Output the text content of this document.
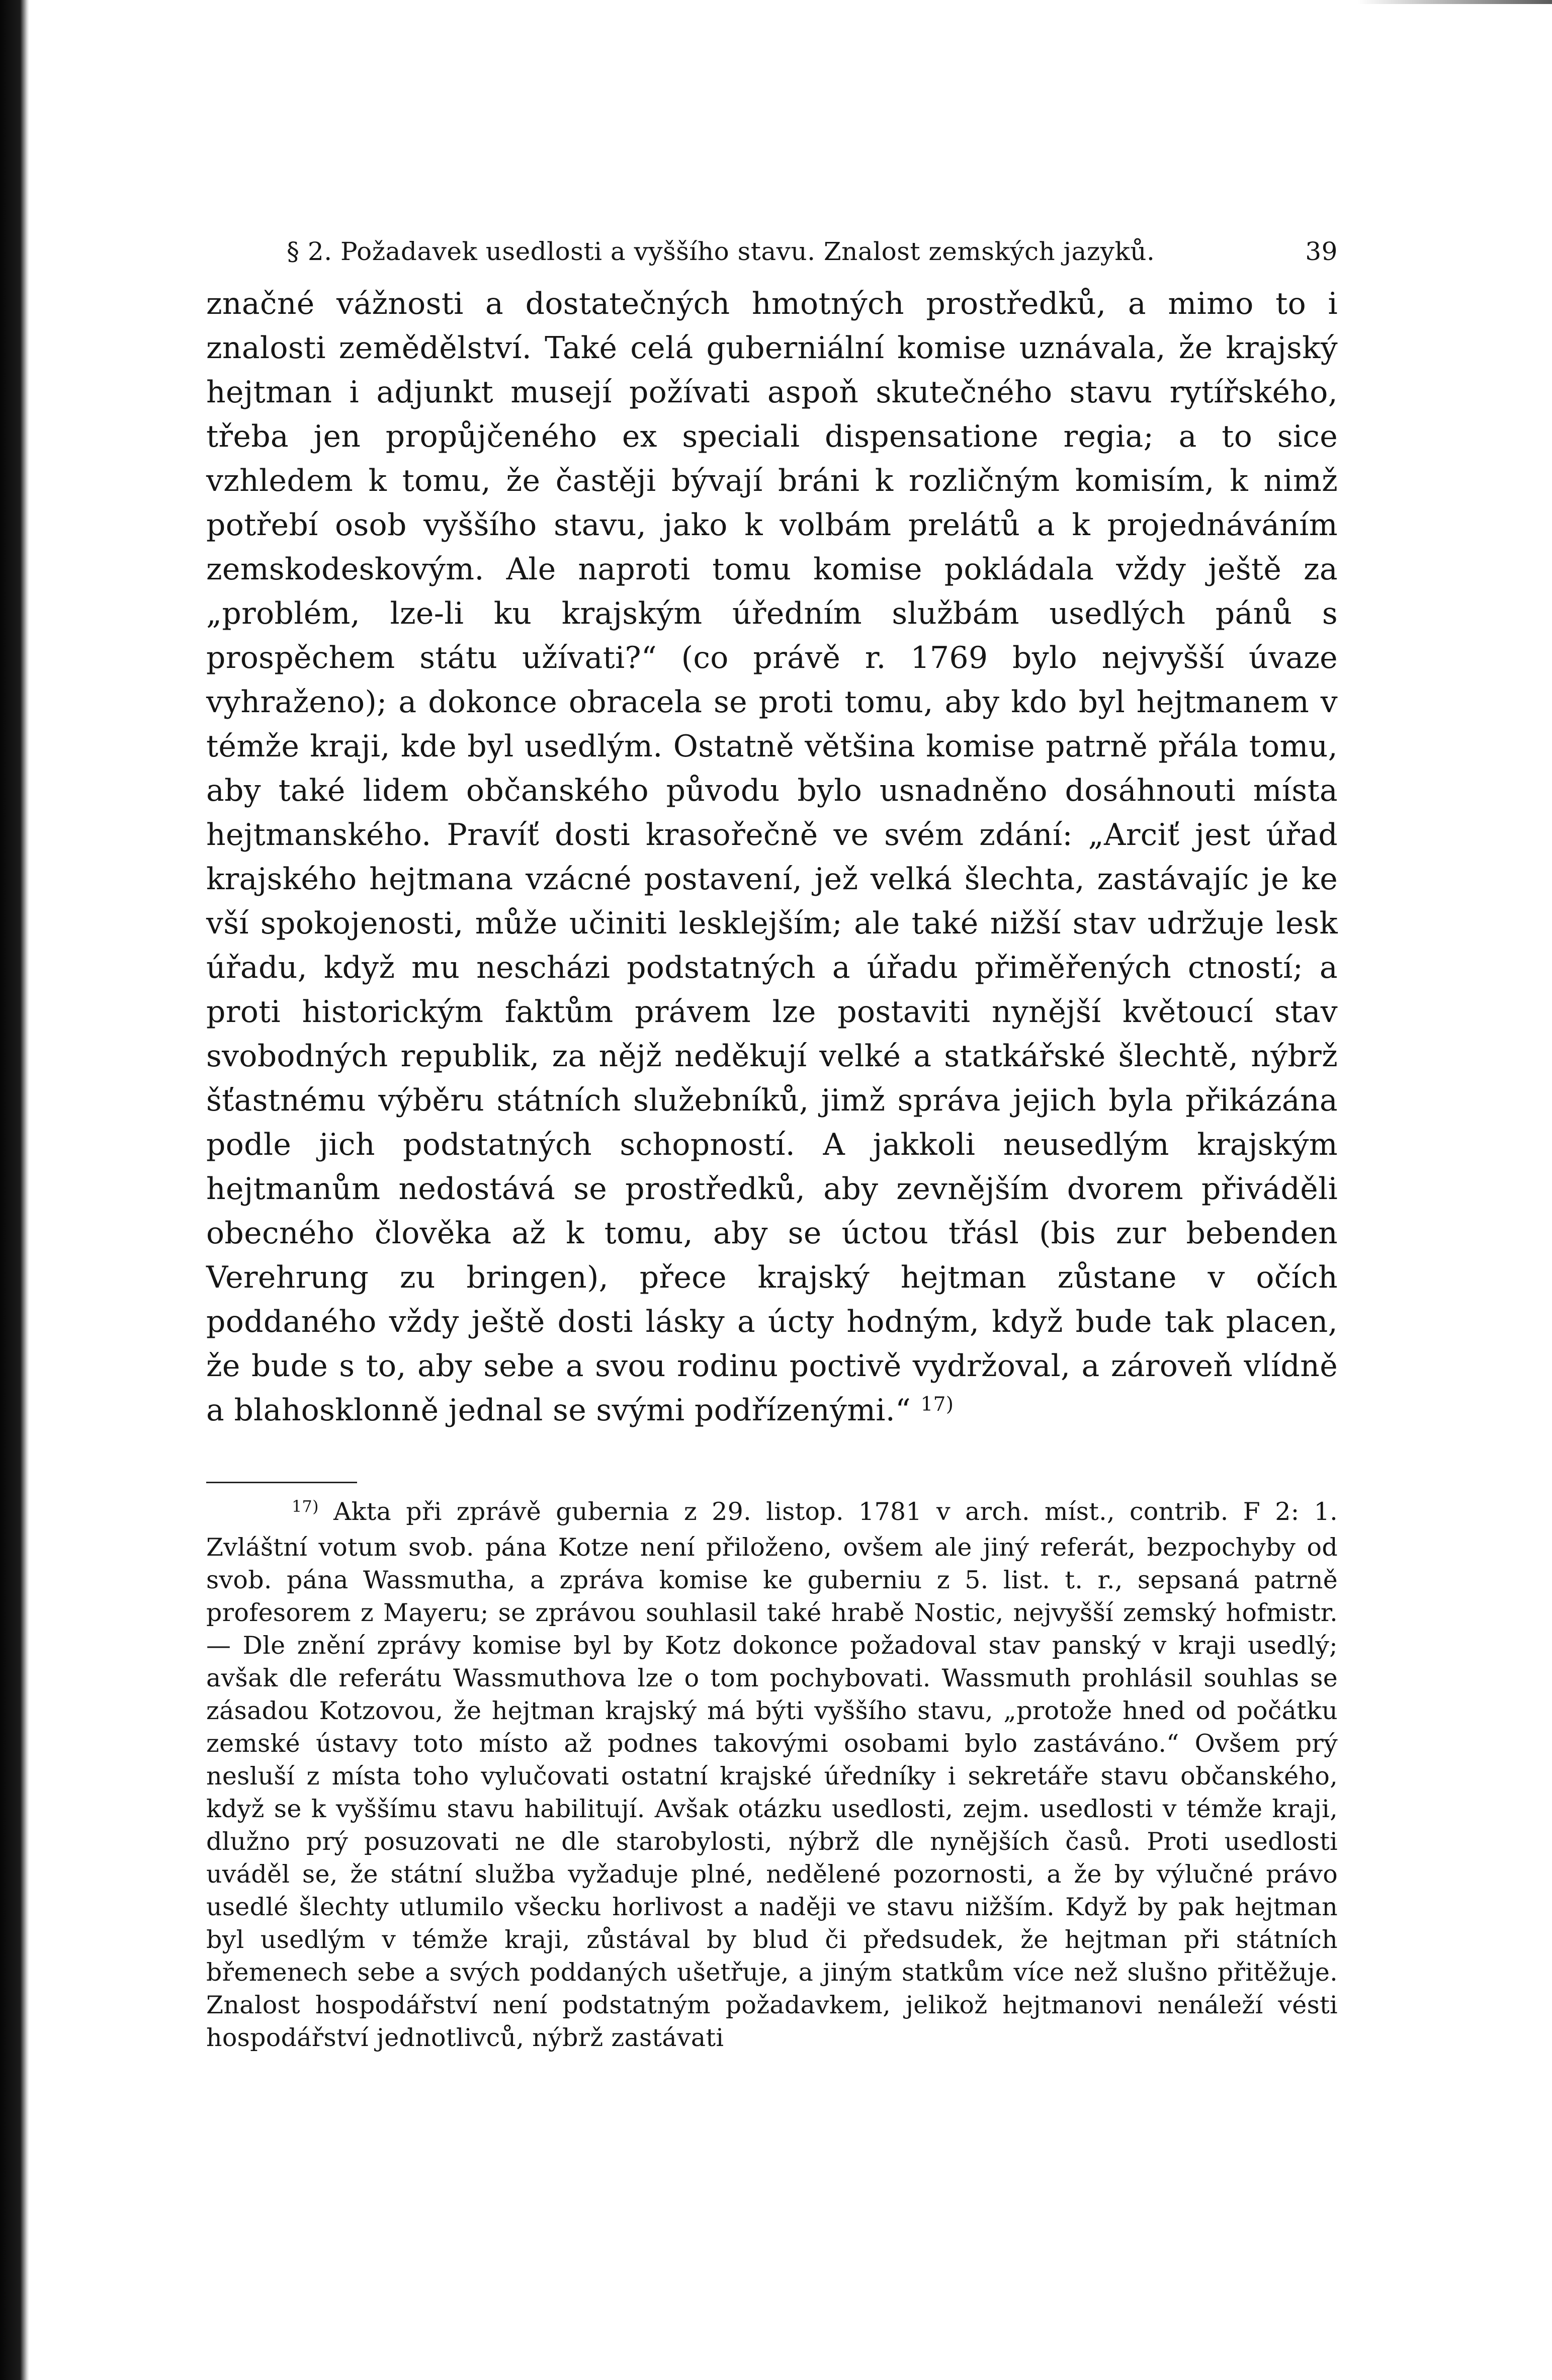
§ 2. Požadavek usedlosti a vyššího stavu. Znalost zemských jazyků.	39

značné vážnosti a dostatečných hmotných prostředků, a mimo to i znalosti zemědělství. Také celá guberniální komise uznávala, že krajský hejtman i adjunkt musejí požívati aspoň skutečného stavu rytířského, třeba jen propůjčeného ex speciali dispensatione regia; a to sice vzhledem k tomu, že častěji bývají bráni k rozličným komisím, k nimž potřebí osob vyššího stavu, jako k volbám prelátů a k projednáváním zemskodeskovým. Ale naproti tomu komise pokládala vždy ještě za „problém, lze-li ku krajským úředním službám usedlých pánů s prospěchem státu užívati?“ (co právě r. 1769 bylo nejvyšší úvaze vyhraženo); a dokonce obracela se proti tomu, aby kdo byl hejtmanem v témže kraji, kde byl usedlým. Ostatně většina komise patrně přála tomu, aby také lidem občanského původu bylo usnadněno dosáhnouti místa hejtmanského. Pravíť dosti krasořečně ve svém zdání: „Arciť jest úřad krajského hejtmana vzácné postavení, jež velká šlechta, zastávajíc je ke vší spokojenosti, může učiniti lesklejším; ale také nižší stav udržuje lesk úřadu, když mu nescházi podstatných a úřadu přiměřených ctností; a proti historickým faktům právem lze postaviti nynější květoucí stav svobodných republik, za nějž neděkují velké a statkářské šlechtě, nýbrž šťastnému výběru státních služebníků, jimž správa jejich byla přikázána podle jich podstatných schopností. A jakkoli neusedlým krajským hejtmanům nedostává se prostředků, aby zevnějším dvorem přiváděli obecného člověka až k tomu, aby se úctou třásl (bis zur bebenden Verehrung zu bringen), přece krajský hejtman zůstane v očích poddaného vždy ještě dosti lásky a úcty hodným, když bude tak placen, že bude s to, aby sebe a svou rodinu poctivě vydržoval, a zároveň vlídně a blahosklonně jednal se svými podřízenými.“ $^{17)}$

$^{17)}$ Akta při zprávě gubernia z 29. listop. 1781 v arch. míst., contrib. F 2: 1. Zvláštní votum svob. pána Kotze není přiloženo, ovšem ale jiný referát, bezpochyby od svob. pána Wassmutha, a zpráva komise ke guberniu z 5. list. t. r., sepsaná patrně profesorem z Mayeru; se zprávou souhlasil také hrabě Nostic, nejvyšší zemský hofmistr. — Dle znění zprávy komise byl by Kotz dokonce požadoval stav panský v kraji usedlý; avšak dle referátu Wassmuthova lze o tom pochybovati. Wassmuth prohlásil souhlas se zásadou Kotzovou, že hejtman krajský má býti vyššího stavu, „protože hned od počátku zemské ústavy toto místo až podnes takovými osobami bylo zastáváno.“ Ovšem prý nesluší z místa toho vylučovati ostatní krajské úředníky i sekretáře stavu občanského, když se k vyššímu stavu habilitují. Avšak otázku usedlosti, zejm. usedlosti v témže kraji, dlužno prý posuzovati ne dle starobylosti, nýbrž dle nynějších časů. Proti usedlosti uváděl se, že státní služba vyžaduje plné, nedělené pozornosti, a že by výlučné právo usedlé šlechty utlumilo všecku horlivost a naději ve stavu nižším. Když by pak hejtman byl usedlým v témže kraji, zůstával by blud či předsudek, že hejtman při státních břemenech sebe a svých poddaných ušetřuje, a jiným statkům více než slušno přitěžuje. Znalost hospodářství není podstatným požadavkem, jelikož hejtmanovi nenáleží vésti hospodářství jednotlivců, nýbrž zastávati
